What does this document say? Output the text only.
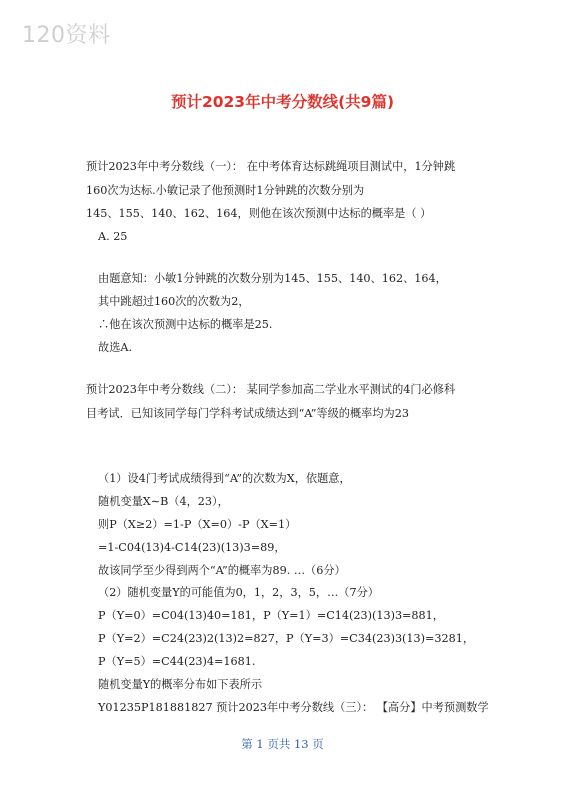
120资料
预计2023年中考分数线(共9篇)
预计2023年中考分数线（一）： 在中考体育达标跳绳项目测试中，1分钟跳
160次为达标.小敏记录了他预测时1分钟跳的次数分别为
145、155、140、162、164，则他在该次预测中达标的概率是（ ）
A. 25
由题意知：小敏1分钟跳的次数分别为145、155、140、162、164，
其中跳超过160次的次数为2，
∴他在该次预测中达标的概率是25.
故选A.
预计2023年中考分数线（二）： 某同学参加高二学业水平测试的4门必修科
目考试．已知该同学每门学科考试成绩达到“A”等级的概率均为23
（1）设4门考试成绩得到“A”的次数为X，依题意，
随机变量X∼B（4，23），
则P（X≥2）=1-P（X=0）-P（X=1）
=1-C04(13)4-C14(23)(13)3=89，
故该同学至少得到两个“A”的概率为89. …（6分）
（2）随机变量Y的可能值为0，1，2，3，5，…（7分）
P（Y=0）=C04(13)40=181，P（Y=1）=C14(23)(13)3=881，
P（Y=2）=C24(23)2(13)2=827，P（Y=3）=C34(23)3(13)=3281，
P（Y=5）=C44(23)4=1681.
随机变量Y的概率分布如下表所示
Y01235P181881827 预计2023年中考分数线（三）： 【高分】中考预测数学
第 1 页共 13 页
